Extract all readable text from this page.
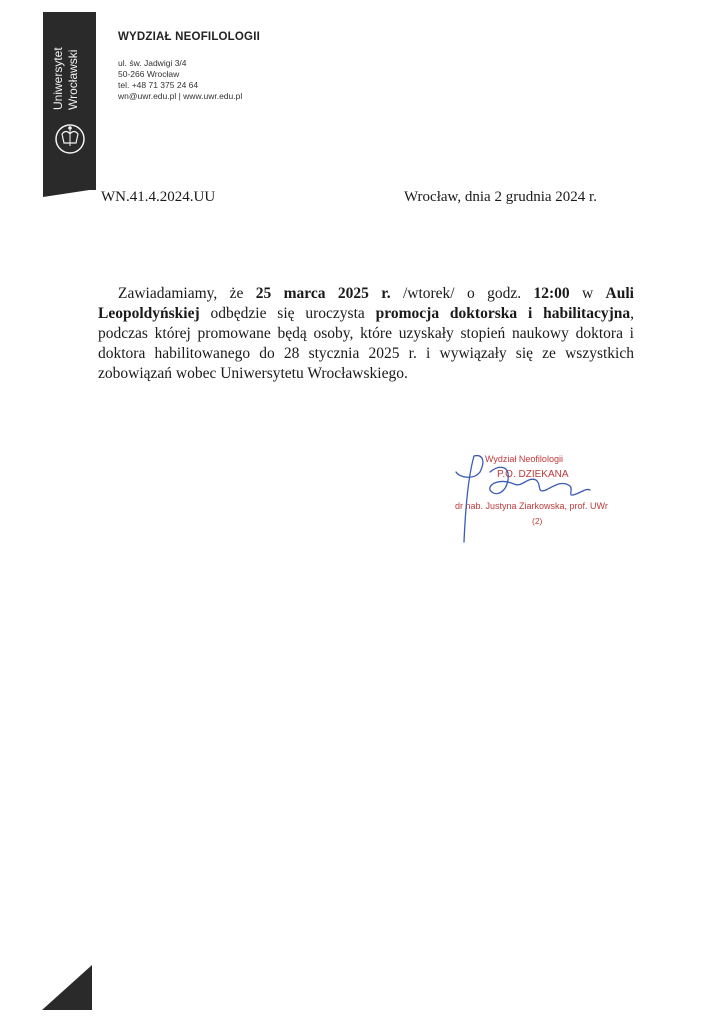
Uniwersytet Wrocławski
WYDZIAŁ NEOFILOLOGII
ul. św. Jadwigi 3/4
50-266 Wrocław
tel. +48 71 375 24 64
wn@uwr.edu.pl | www.uwr.edu.pl
WN.41.4.2024.UU	Wrocław, dnia 2 grudnia 2024 r.

Zawiadamiamy, że 25 marca 2025 r. /wtorek/ o godz. 12:00 w Auli Leopoldyńskiej odbędzie się uroczysta promocja doktorska i habilitacyjna, podczas której promowane będą osoby, które uzyskały stopień naukowy doktora i doktora habilitowanego do 28 stycznia 2025 r. i wywiązały się ze wszystkich zobowiązań wobec Uniwersytetu Wrocławskiego.

Wydział Neofilologii
P.O. DZIEKANA
dr hab. Justyna Ziarkowska, prof. UWr
(2)
